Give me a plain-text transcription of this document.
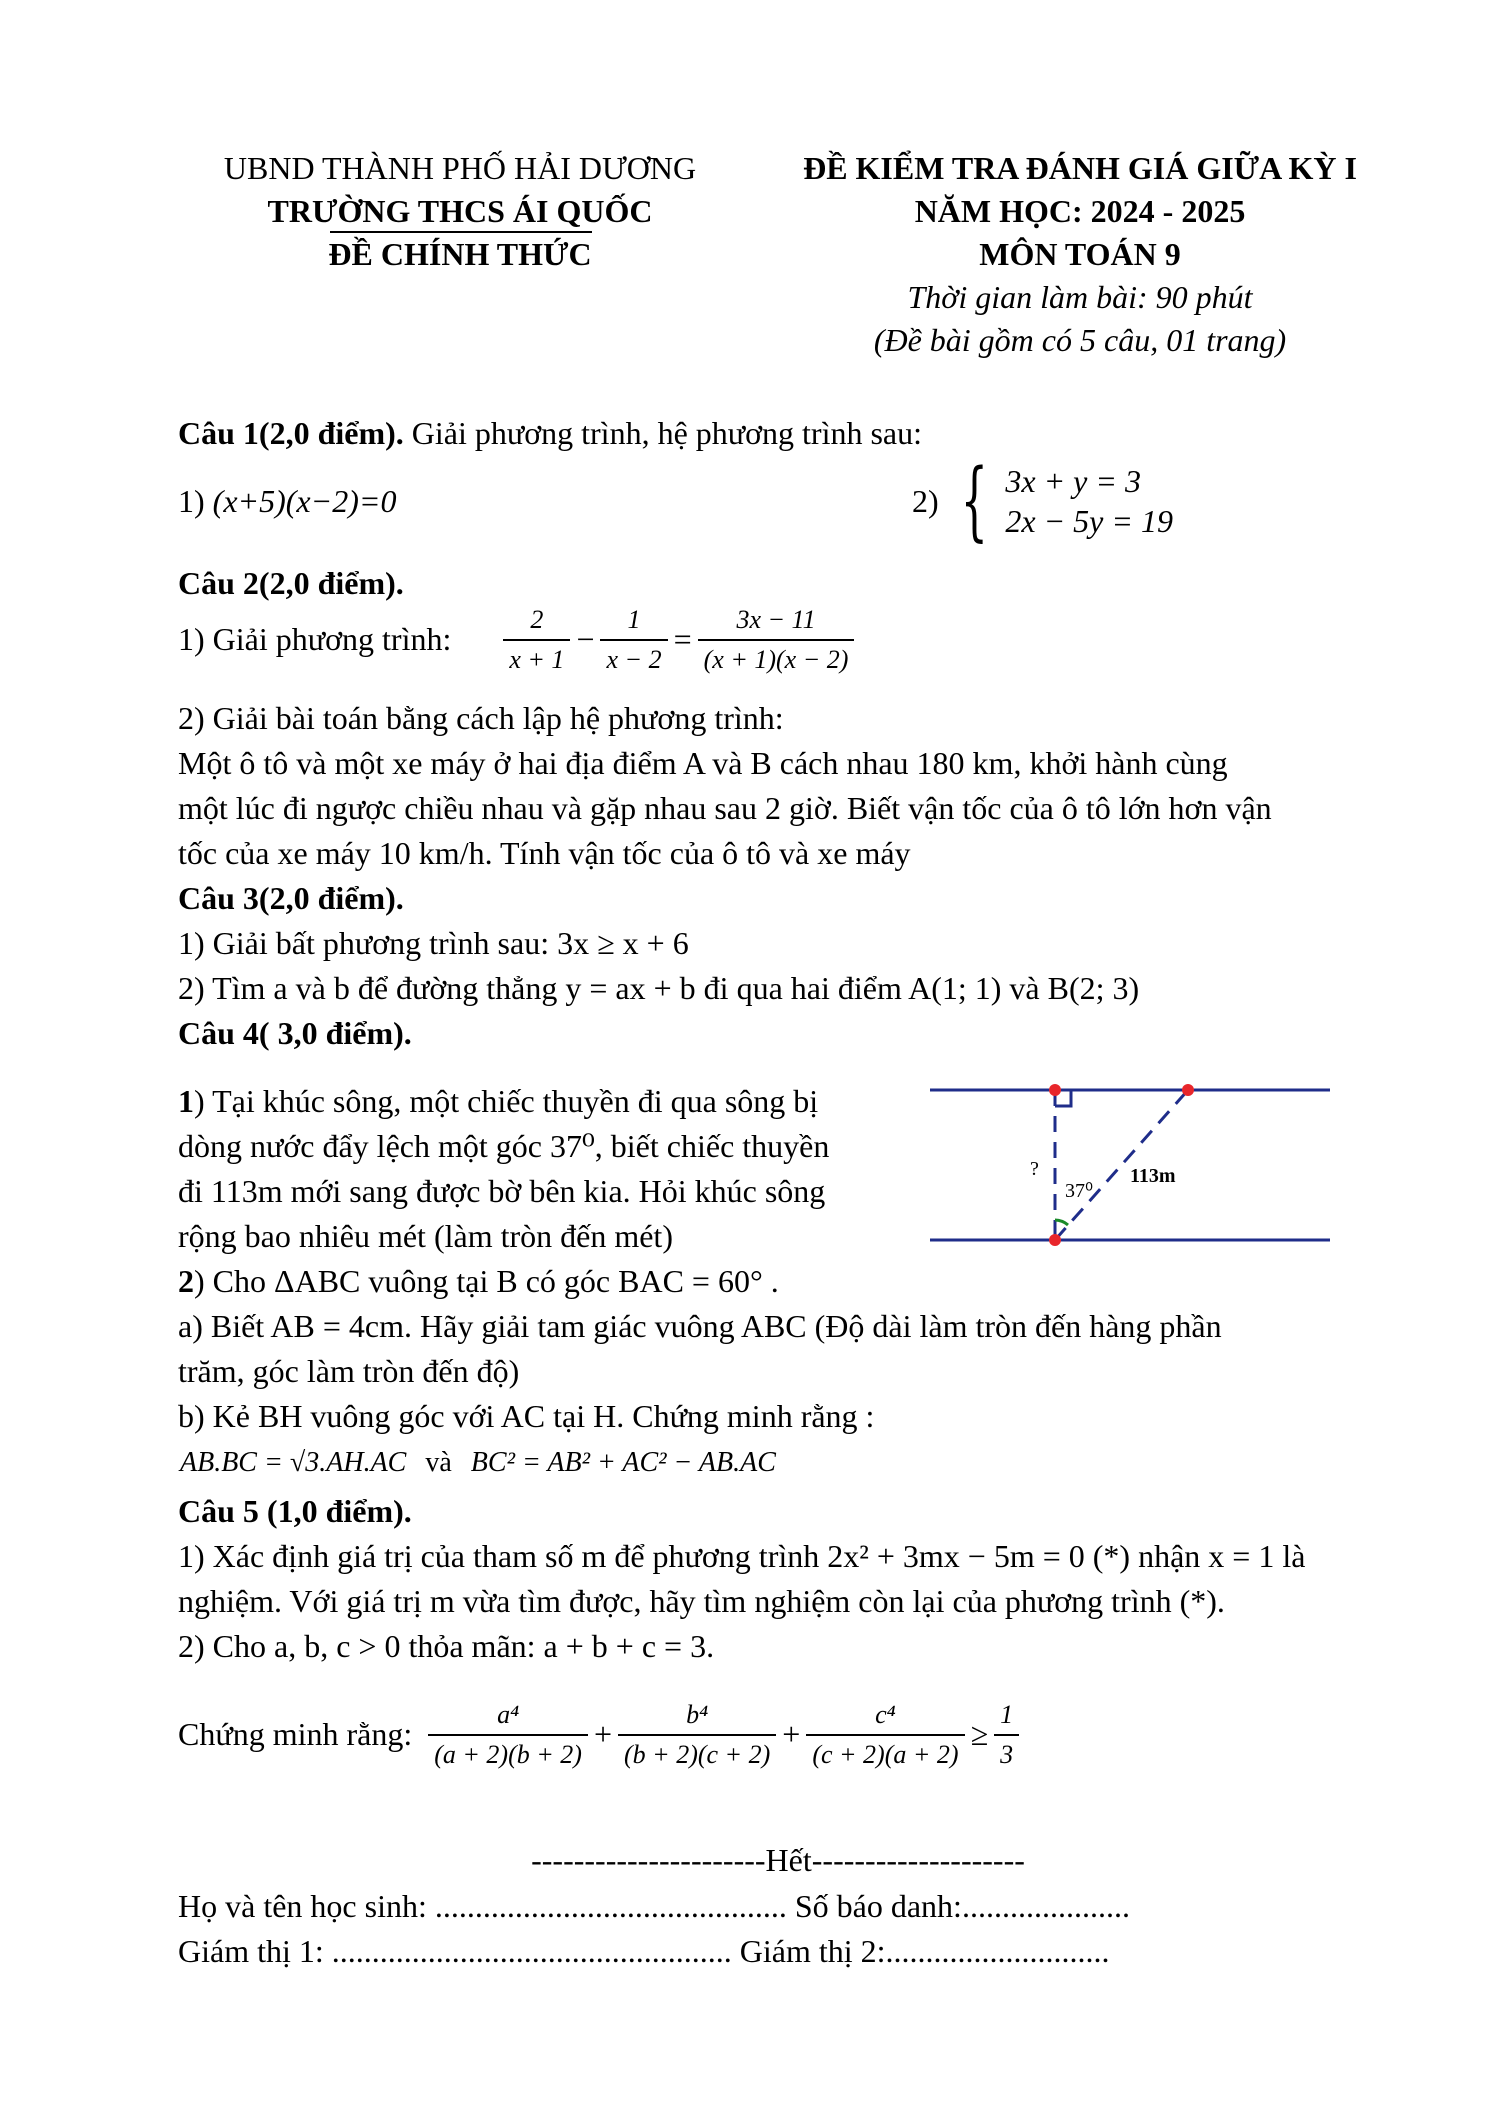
UBND THÀNH PHỐ HẢI DƯƠNG
TRƯỜNG THCS ÁI QUỐC
ĐỀ CHÍNH THỨC
ĐỀ KIỂM TRA ĐÁNH GIÁ GIỮA KỲ I
NĂM HỌC: 2024 - 2025
MÔN TOÁN 9
Thời gian làm bài: 90 phút
(Đề bài gồm có 5 câu, 01 trang)
Câu 1(2,0 điểm). Giải phương trình, hệ phương trình sau:
1) (x+5)(x−2)=0	2) { 3x + y = 3
2x − 5y = 19
Câu 2(2,0 điểm).
1) Giải phương trình: $\frac{2}{x + 1} - \frac{1}{x - 2} = \frac{3x - 11}{(x + 1)(x - 2)}$
2) Giải bài toán bằng cách lập hệ phương trình:
Một ô tô và một xe máy ở hai địa điểm A và B cách nhau 180 km, khởi hành cùng
một lúc đi ngược chiều nhau và gặp nhau sau 2 giờ. Biết vận tốc của ô tô lớn hơn vận
tốc của xe máy 10 km/h. Tính vận tốc của ô tô và xe máy
Câu 3(2,0 điểm).
1) Giải bất phương trình sau: 3x ≥ x + 6
2) Tìm a và b để đường thẳng y = ax + b đi qua hai điểm A(1; 1) và B(2; 3)
Câu 4( 3,0 điểm).
1) Tại khúc sông, một chiếc thuyền đi qua sông bị
dòng nước đẩy lệch một góc 37⁰, biết chiếc thuyền
đi 113m mới sang được bờ bên kia. Hỏi khúc sông
rộng bao nhiêu mét (làm tròn đến mét)
?
37⁰
113m
2) Cho ΔABC vuông tại B có góc BAC = 60° .
a) Biết AB = 4cm. Hãy giải tam giác vuông ABC (Độ dài làm tròn đến hàng phần
trăm, góc làm tròn đến độ)
b) Kẻ BH vuông góc với AC tại H. Chứng minh rằng :
AB.BC = √3.AH.AC và BC² = AB² + AC² − AB.AC
Câu 5 (1,0 điểm).
1) Xác định giá trị của tham số m để phương trình 2x² + 3mx − 5m = 0 (*) nhận x = 1 là
nghiệm. Với giá trị m vừa tìm được, hãy tìm nghiệm còn lại của phương trình (*).
2) Cho a, b, c > 0 thỏa mãn: a + b + c = 3.
Chứng minh rằng: $\frac{\text{a⁴}}{(a + 2)(b + 2)} + \frac{\text{b⁴}}{(b + 2)(c + 2)} + \frac{\text{c⁴}}{(c + 2)(a + 2)} \ge \frac{1}{3}$
----------------------Hết--------------------
Họ và tên học sinh: ............................................ Số báo danh:.....................
Giám thị 1: .................................................. Giám thị 2:............................
